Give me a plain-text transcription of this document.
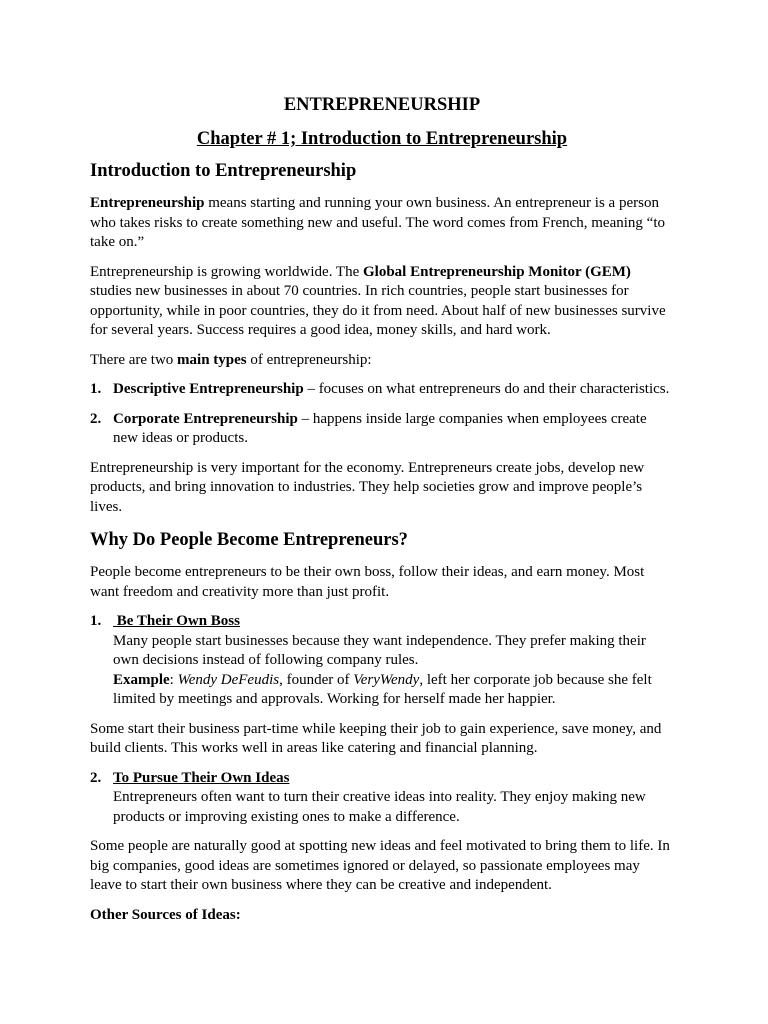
ENTREPRENEURSHIP
Chapter # 1; Introduction to Entrepreneurship
Introduction to Entrepreneurship

Entrepreneurship means starting and running your own business. An entrepreneur is a person who takes risks to create something new and useful. The word comes from French, meaning “to take on.”

Entrepreneurship is growing worldwide. The Global Entrepreneurship Monitor (GEM) studies new businesses in about 70 countries. In rich countries, people start businesses for opportunity, while in poor countries, they do it from need. About half of new businesses survive for several years. Success requires a good idea, money skills, and hard work.

There are two main types of entrepreneurship:

1. Descriptive Entrepreneurship – focuses on what entrepreneurs do and their characteristics.
2. Corporate Entrepreneurship – happens inside large companies when employees create new ideas or products.

Entrepreneurship is very important for the economy. Entrepreneurs create jobs, develop new products, and bring innovation to industries. They help societies grow and improve people’s lives.

Why Do People Become Entrepreneurs?

People become entrepreneurs to be their own boss, follow their ideas, and earn money. Most want freedom and creativity more than just profit.

1. Be Their Own Boss
Many people start businesses because they want independence. They prefer making their own decisions instead of following company rules.
Example: Wendy DeFeudis, founder of VeryWendy, left her corporate job because she felt limited by meetings and approvals. Working for herself made her happier.

Some start their business part-time while keeping their job to gain experience, save money, and build clients. This works well in areas like catering and financial planning.

2. To Pursue Their Own Ideas
Entrepreneurs often want to turn their creative ideas into reality. They enjoy making new products or improving existing ones to make a difference.

Some people are naturally good at spotting new ideas and feel motivated to bring them to life. In big companies, good ideas are sometimes ignored or delayed, so passionate employees may leave to start their own business where they can be creative and independent.

Other Sources of Ideas:
